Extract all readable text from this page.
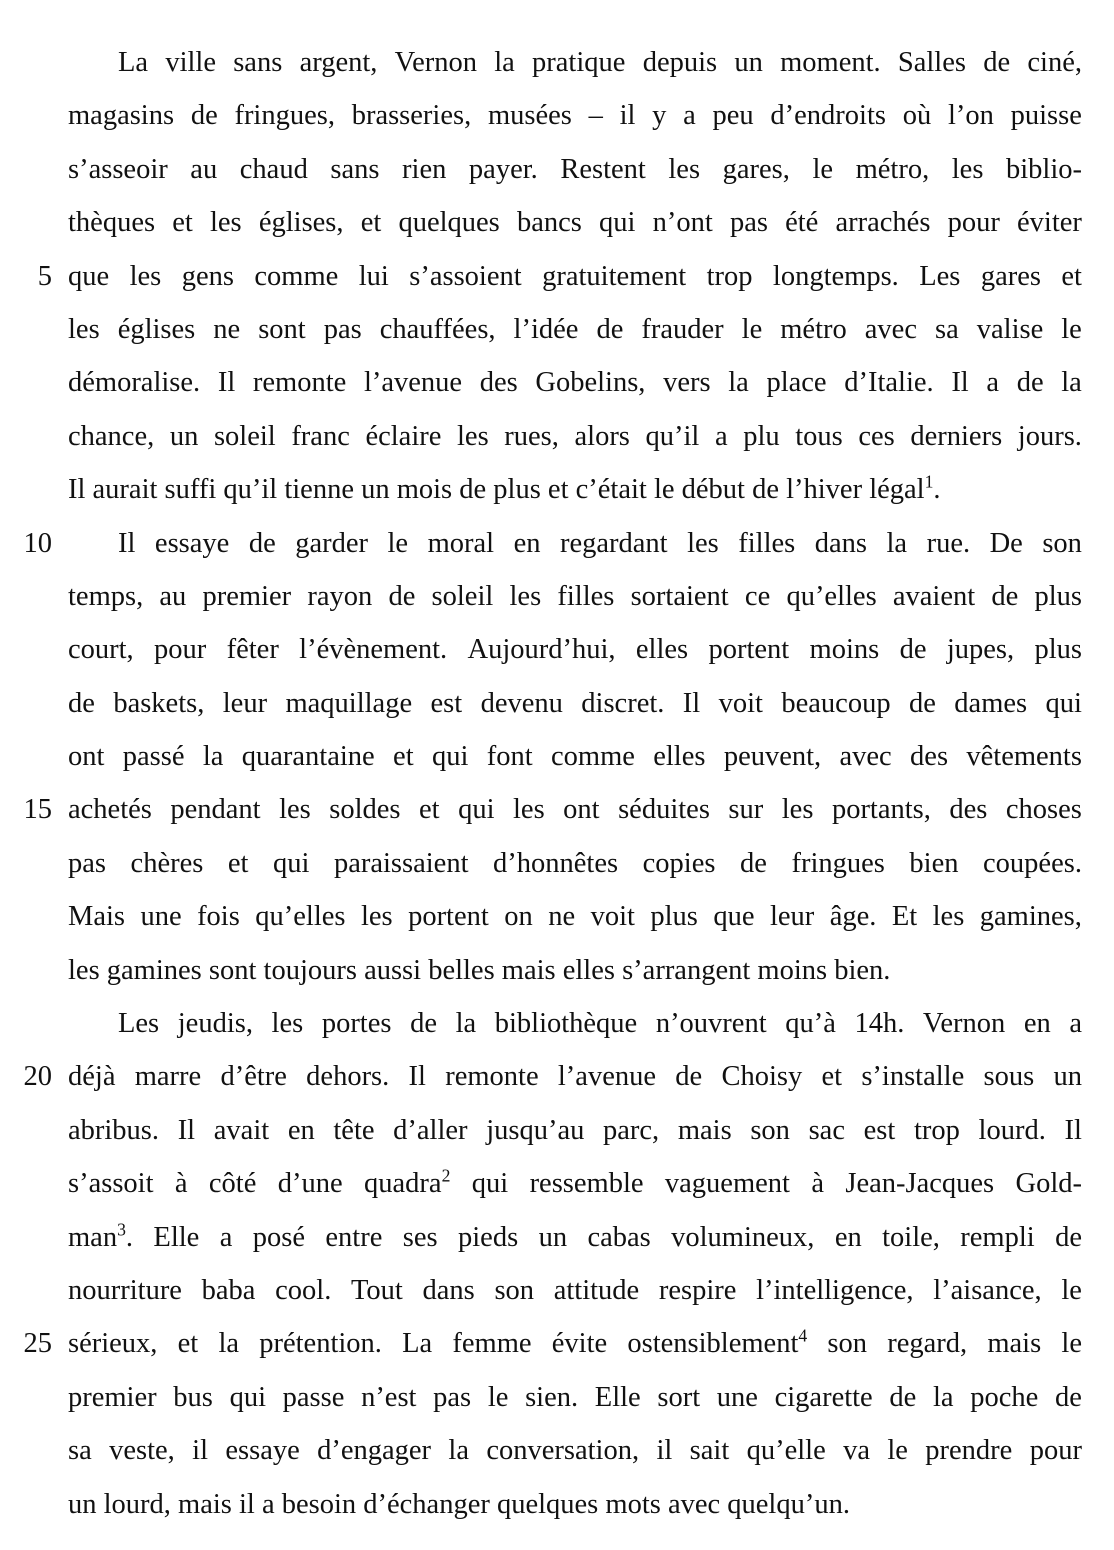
La ville sans argent, Vernon la pratique depuis un moment. Salles de ciné,
magasins de fringues, brasseries, musées – il y a peu d’endroits où l’on puisse
s’asseoir au chaud sans rien payer. Restent les gares, le métro, les biblio-
thèques et les églises, et quelques bancs qui n’ont pas été arrachés pour éviter
5 que les gens comme lui s’assoient gratuitement trop longtemps. Les gares et
les églises ne sont pas chauffées, l’idée de frauder le métro avec sa valise le
démoralise. Il remonte l’avenue des Gobelins, vers la place d’Italie. Il a de la
chance, un soleil franc éclaire les rues, alors qu’il a plu tous ces derniers jours.
Il aurait suffi qu’il tienne un mois de plus et c’était le début de l’hiver légal$^1$.
10 Il essaye de garder le moral en regardant les filles dans la rue. De son
temps, au premier rayon de soleil les filles sortaient ce qu’elles avaient de plus
court, pour fêter l’évènement. Aujourd’hui, elles portent moins de jupes, plus
de baskets, leur maquillage est devenu discret. Il voit beaucoup de dames qui
ont passé la quarantaine et qui font comme elles peuvent, avec des vêtements
15 achetés pendant les soldes et qui les ont séduites sur les portants, des choses
pas chères et qui paraissaient d’honnêtes copies de fringues bien coupées.
Mais une fois qu’elles les portent on ne voit plus que leur âge. Et les gamines,
les gamines sont toujours aussi belles mais elles s’arrangent moins bien.
Les jeudis, les portes de la bibliothèque n’ouvrent qu’à 14h. Vernon en a
20 déjà marre d’être dehors. Il remonte l’avenue de Choisy et s’installe sous un
abribus. Il avait en tête d’aller jusqu’au parc, mais son sac est trop lourd. Il
s’assoit à côté d’une quadra$^2$ qui ressemble vaguement à Jean-Jacques Gold-
man$^3$. Elle a posé entre ses pieds un cabas volumineux, en toile, rempli de
nourriture baba cool. Tout dans son attitude respire l’intelligence, l’aisance, le
25 sérieux, et la prétention. La femme évite ostensiblement$^4$ son regard, mais le
premier bus qui passe n’est pas le sien. Elle sort une cigarette de la poche de
sa veste, il essaye d’engager la conversation, il sait qu’elle va le prendre pour
un lourd, mais il a besoin d’échanger quelques mots avec quelqu’un.
